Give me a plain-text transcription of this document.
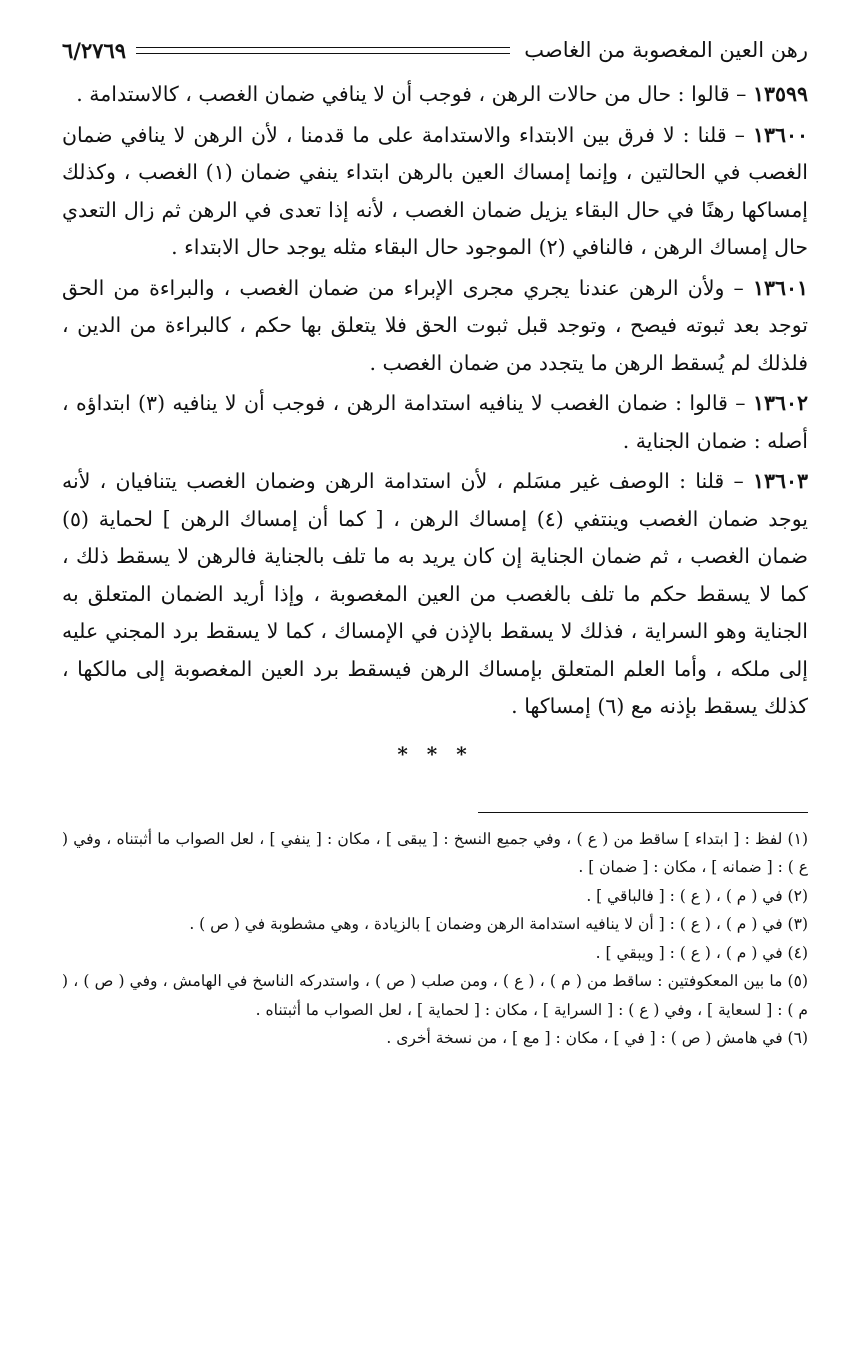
رهن العين المغصوبة من الغاصب
٦/٢٧٦٩

١٣٥٩٩ – قالوا : حال من حالات الرهن ، فوجب أن لا ينافي ضمان الغصب ، كالاستدامة .

١٣٦٠٠ – قلنا : لا فرق بين الابتداء والاستدامة على ما قدمنا ، لأن الرهن لا ينافي ضمان الغصب في الحالتين ، وإنما إمساك العين بالرهن ابتداء ينفي ضمان (١) الغصب ، وكذلك إمساكها رهنًا في حال البقاء يزيل ضمان الغصب ، لأنه إذا تعدى في الرهن ثم زال التعدي حال إمساك الرهن ، فالنافي (٢) الموجود حال البقاء مثله يوجد حال الابتداء .

١٣٦٠١ – ولأن الرهن عندنا يجري مجرى الإبراء من ضمان الغصب ، والبراءة من الحق توجد بعد ثبوته فيصح ، وتوجد قبل ثبوت الحق فلا يتعلق بها حكم ، كالبراءة من الدين ، فلذلك لم يُسقط الرهن ما يتجدد من ضمان الغصب .

١٣٦٠٢ – قالوا : ضمان الغصب لا ينافيه استدامة الرهن ، فوجب أن لا ينافيه (٣) ابتداؤه ، أصله : ضمان الجناية .

١٣٦٠٣ – قلنا : الوصف غير مسَلم ، لأن استدامة الرهن وضمان الغصب يتنافيان ، لأنه يوجد ضمان الغصب وينتفي (٤) إمساك الرهن ، [ كما أن إمساك الرهن ] لحماية (٥) ضمان الغصب ، ثم ضمان الجناية إن كان يريد به ما تلف بالجناية فالرهن لا يسقط ذلك ، كما لا يسقط حكم ما تلف بالغصب من العين المغصوبة ، وإذا أريد الضمان المتعلق به الجناية وهو السراية ، فذلك لا يسقط بالإذن في الإمساك ، كما لا يسقط برد المجني عليه إلى ملكه ، وأما العلم المتعلق بإمساك الرهن فيسقط برد العين المغصوبة إلى مالكها ، كذلك يسقط بإذنه مع (٦) إمساكها .

* * *

(١) لفظ : [ ابتداء ] ساقط من ( ع ) ، وفي جميع النسخ : [ يبقى ] ، مكان : [ ينفي ] ، لعل الصواب ما أثبتناه ، وفي ( ع ) : [ ضمانه ] ، مكان : [ ضمان ] .

(٢) في ( م ) ، ( ع ) : [ فالباقي ] .

(٣) في ( م ) ، ( ع ) : [ أن لا ينافيه استدامة الرهن وضمان ] بالزيادة ، وهي مشطوبة في ( ص ) .

(٤) في ( م ) ، ( ع ) : [ ويبقي ] .

(٥) ما بين المعكوفتين : ساقط من ( م ) ، ( ع ) ، ومن صلب ( ص ) ، واستدركه الناسخ في الهامش ، وفي ( ص ) ، ( م ) : [ لسعاية ] ، وفي ( ع ) : [ السراية ] ، مكان : [ لحماية ] ، لعل الصواب ما أثبتناه .

(٦) في هامش ( ص ) : [ في ] ، مكان : [ مع ] ، من نسخة أخرى .
